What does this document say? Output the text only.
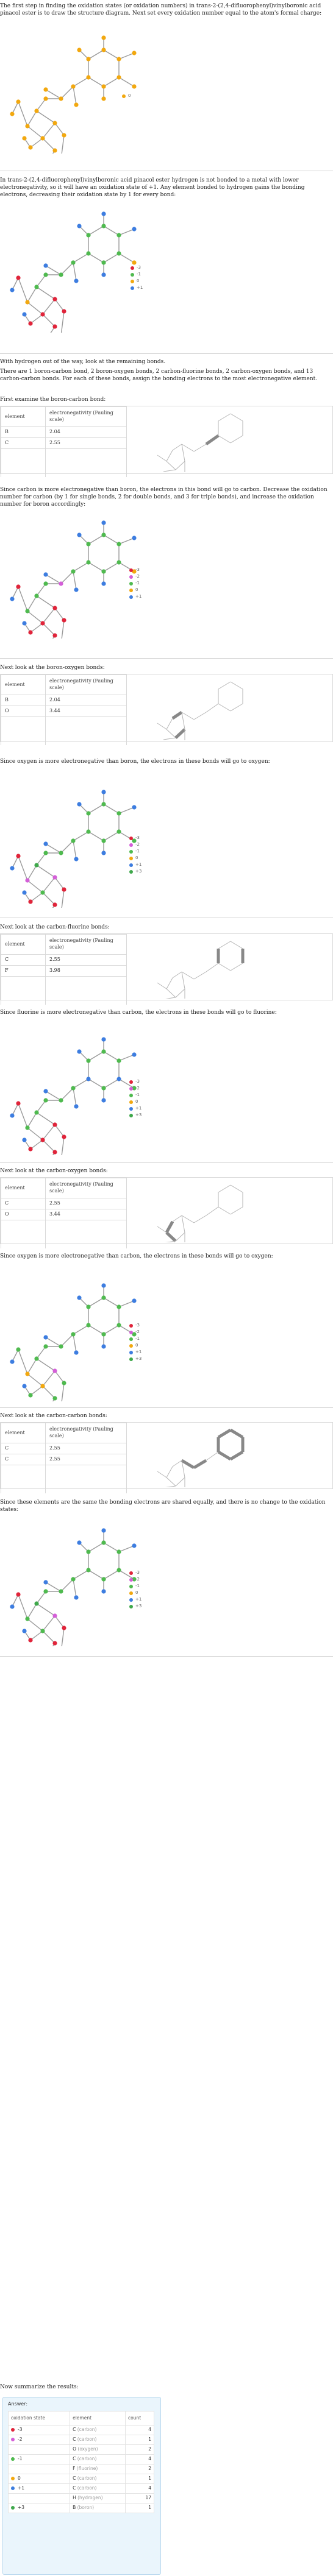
The first step in finding the oxidation states (or oxidation numbers) in trans-2-(2,4-difluorophenyl)vinylboronic acid pinacol ester is to draw the structure diagram. Next set every oxidation number equal to the atom's formal charge:

0

In trans-2-(2,4-difluorophenyl)vinylboronic acid pinacol ester hydrogen is not bonded to a metal with lower electronegativity, so it will have an oxidation state of +1. Any element bonded to hydrogen gains the bonding electrons, decreasing their oxidation state by 1 for every bond:

-3
-1
0
+1

With hydrogen out of the way, look at the remaining bonds.

There are 1 boron-carbon bond, 2 boron-oxygen bonds, 2 carbon-fluorine bonds, 2 carbon-oxygen bonds, and 13 carbon-carbon bonds. For each of these bonds, assign the bonding electrons to the most electronegative element.

First examine the boron-carbon bond:

element	electronegativity (Pauling scale)
B	2.04
C	2.55

Since carbon is more electronegative than boron, the electrons in this bond will go to carbon. Decrease the oxidation number for carbon (by 1 for single bonds, 2 for double bonds, and 3 for triple bonds), and increase the oxidation number for boron accordingly:

-3
-2
-1
0
+1

Next look at the boron-oxygen bonds:

element	electronegativity (Pauling scale)
B	2.04
O	3.44

Since oxygen is more electronegative than boron, the electrons in these bonds will go to oxygen:

-3
-2
-1
0
+1
+3

Next look at the carbon-fluorine bonds:

element	electronegativity (Pauling scale)
C	2.55
F	3.98

Since fluorine is more electronegative than carbon, the electrons in these bonds will go to fluorine:

-3
-2
-1
0
+1
+3

Next look at the carbon-oxygen bonds:

element	electronegativity (Pauling scale)
C	2.55
O	3.44

Since oxygen is more electronegative than carbon, the electrons in these bonds will go to oxygen:

-3
-2
-1
0
+1
+3

Next look at the carbon-carbon bonds:

element	electronegativity (Pauling scale)
C	2.55
C	2.55

Since these elements are the same the bonding electrons are shared equally, and there is no change to the oxidation states:

-3
-2
-1
0
+1
+3

Now summarize the results:

Answer:
oxidation state	element	count
-3	C (carbon)	4
-2	C (carbon)	1
	O (oxygen)	2
-1	C (carbon)	4
	F (fluorine)	2
0	C (carbon)	1
+1	C (carbon)	4
	H (hydrogen)	17
+3	B (boron)	1
